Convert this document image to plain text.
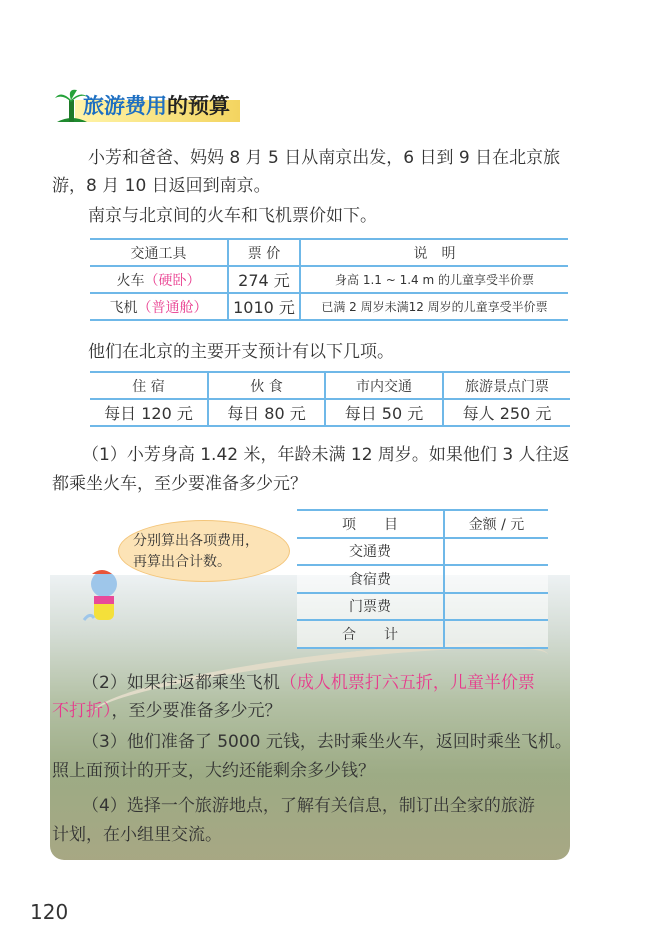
旅游费用的预算
小芳和爸爸、妈妈 8 月 5 日从南京出发，6 日到 9 日在北京旅
游，8 月 10 日返回到南京。
南京与北京间的火车和飞机票价如下。
交通工具	票 价	说　明
火车（硬卧）	274 元	身高 1.1 ~ 1.4 m 的儿童享受半价票
飞机（普通舱）	1010 元	已满 2 周岁未满12 周岁的儿童享受半价票
他们在北京的主要开支预计有以下几项。
住 宿	伙 食	市内交通	旅游景点门票
每日 120 元	每日 80 元	每日 50 元	每人 250 元
（1）小芳身高 1.42 米，年龄未满 12 周岁。如果他们 3 人往返
都乘坐火车，至少要准备多少元？
分别算出各项费用，
再算出合计数。
项　　目	金额 / 元
交通费	
食宿费	
门票费	
合　　计	
（2）如果往返都乘坐飞机（成人机票打六五折，儿童半价票
不打折），至少要准备多少元？
（3）他们准备了 5000 元钱，去时乘坐火车，返回时乘坐飞机。
照上面预计的开支，大约还能剩余多少钱？
（4）选择一个旅游地点，了解有关信息，制订出全家的旅游
计划，在小组里交流。
120
